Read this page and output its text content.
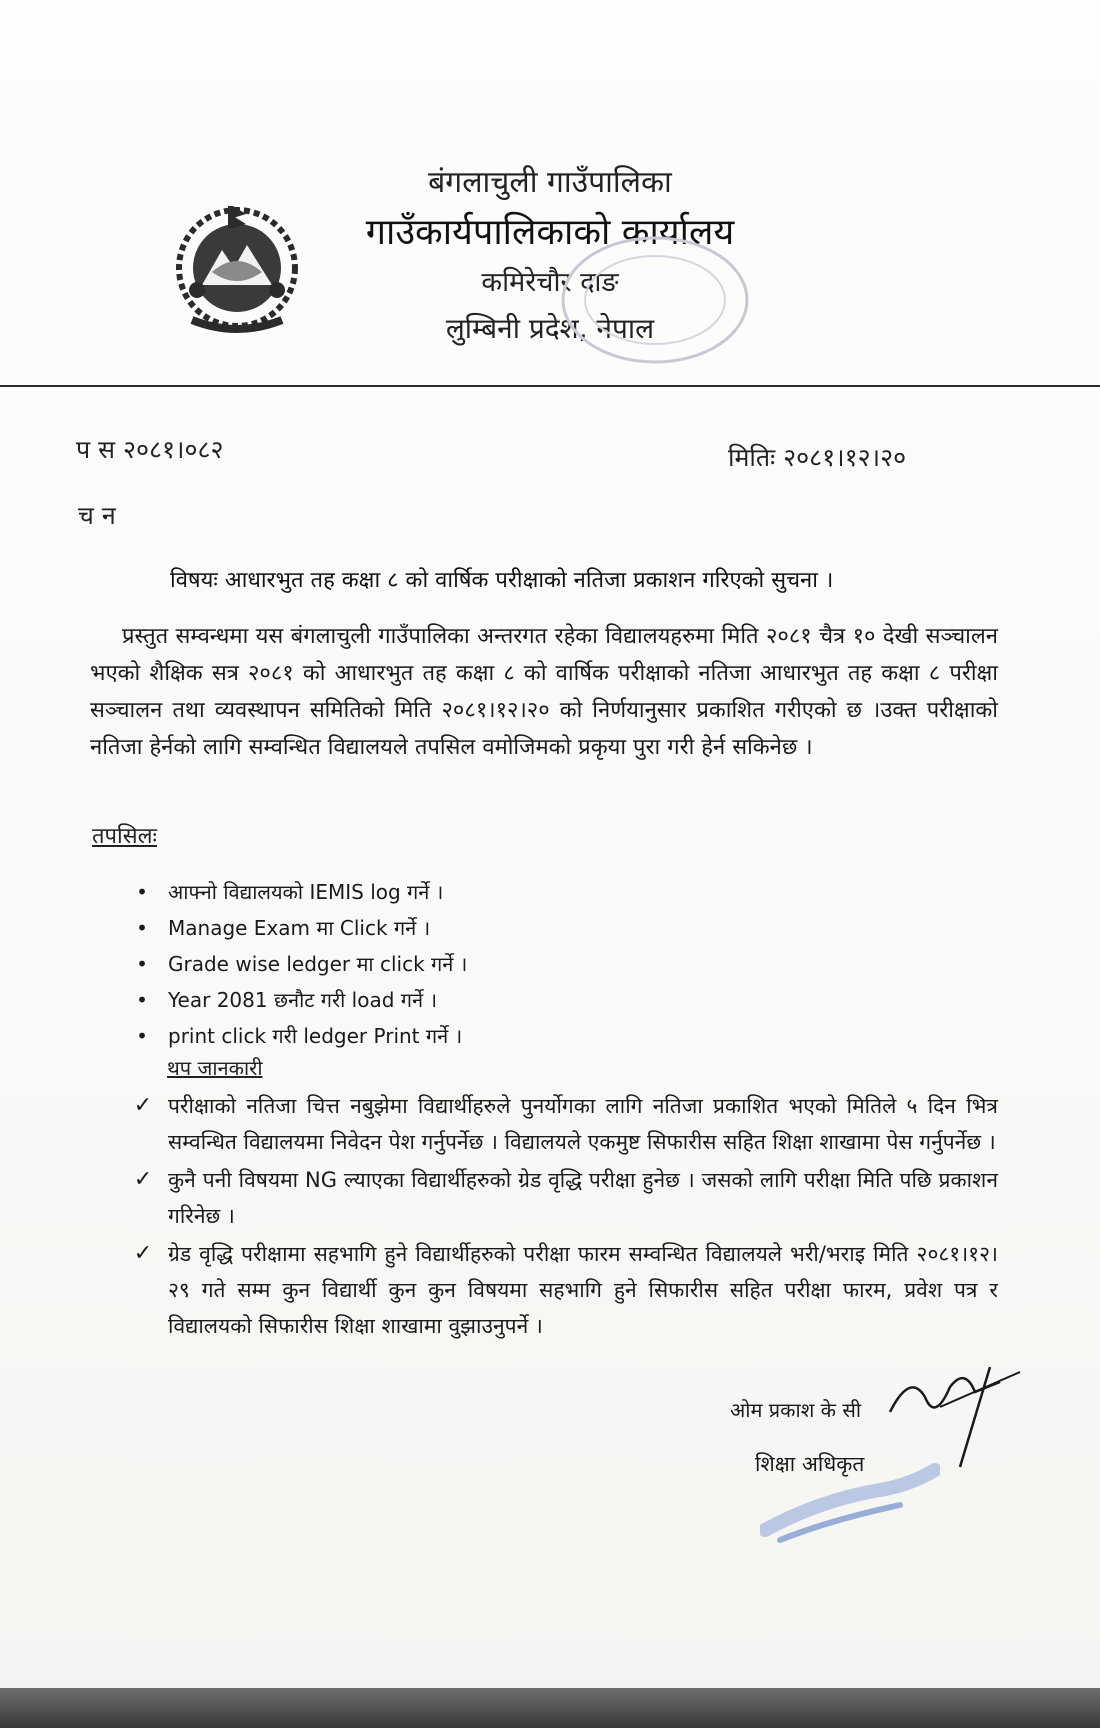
बंगलाचुली गाउँपालिका
गाउँकार्यपालिकाको कार्यालय
कमिरेचौर दाङ
लुम्बिनी प्रदेश, नेपाल
प स २०८१।०८२	मितिः २०८१।१२।२०
च न
विषयः आधारभुत तह कक्षा ८ को वार्षिक परीक्षाको नतिजा प्रकाशन गरिएको सुचना ।
प्रस्तुत सम्वन्धमा यस बंगलाचुली गाउँपालिका अन्तरगत रहेका विद्यालयहरुमा मिति २०८१ चैत्र १० देखी सञ्चालन भएको शैक्षिक सत्र २०८१ को आधारभुत तह कक्षा ८ को वार्षिक परीक्षाको नतिजा आधारभुत तह कक्षा ८ परीक्षा सञ्चालन तथा व्यवस्थापन समितिको मिति २०८१।१२।२० को निर्णयानुसार प्रकाशित गरीएको छ ।उक्त परीक्षाको नतिजा हेर्नको लागि सम्वन्धित विद्यालयले तपसिल वमोजिमको प्रकृया पुरा गरी हेर्न सकिनेछ ।
तपसिलः
•	आफ्नो विद्यालयको IEMIS log गर्ने ।
•	Manage Exam मा Click गर्ने ।
•	Grade wise ledger मा click गर्ने ।
•	Year 2081 छनौट गरी load गर्ने ।
•	print click गरी ledger Print गर्ने ।
थप जानकारी
✓ परीक्षाको नतिजा चित्त नबुझेमा विद्यार्थीहरुले पुनर्योगका लागि नतिजा प्रकाशित भएको मितिले ५ दिन भित्र सम्वन्धित विद्यालयमा निवेदन पेश गर्नुपर्नेछ । विद्यालयले एकमुष्ट सिफारीस सहित शिक्षा शाखामा पेस गर्नुपर्नेछ ।
✓ कुनै पनी विषयमा NG ल्याएका विद्यार्थीहरुको ग्रेड वृद्धि परीक्षा हुनेछ । जसको लागि परीक्षा मिति पछि प्रकाशन गरिनेछ ।
✓ ग्रेड वृद्धि परीक्षामा सहभागि हुने विद्यार्थीहरुको परीक्षा फारम सम्वन्धित विद्यालयले भरी/भराइ मिति २०८१।१२।२९ गते सम्म कुन विद्यार्थी कुन कुन विषयमा सहभागि हुने सिफारीस सहित परीक्षा फारम, प्रवेश पत्र र विद्यालयको सिफारीस शिक्षा शाखामा वुझाउनुपर्ने ।
ओम प्रकाश के सी
शिक्षा अधिकृत
